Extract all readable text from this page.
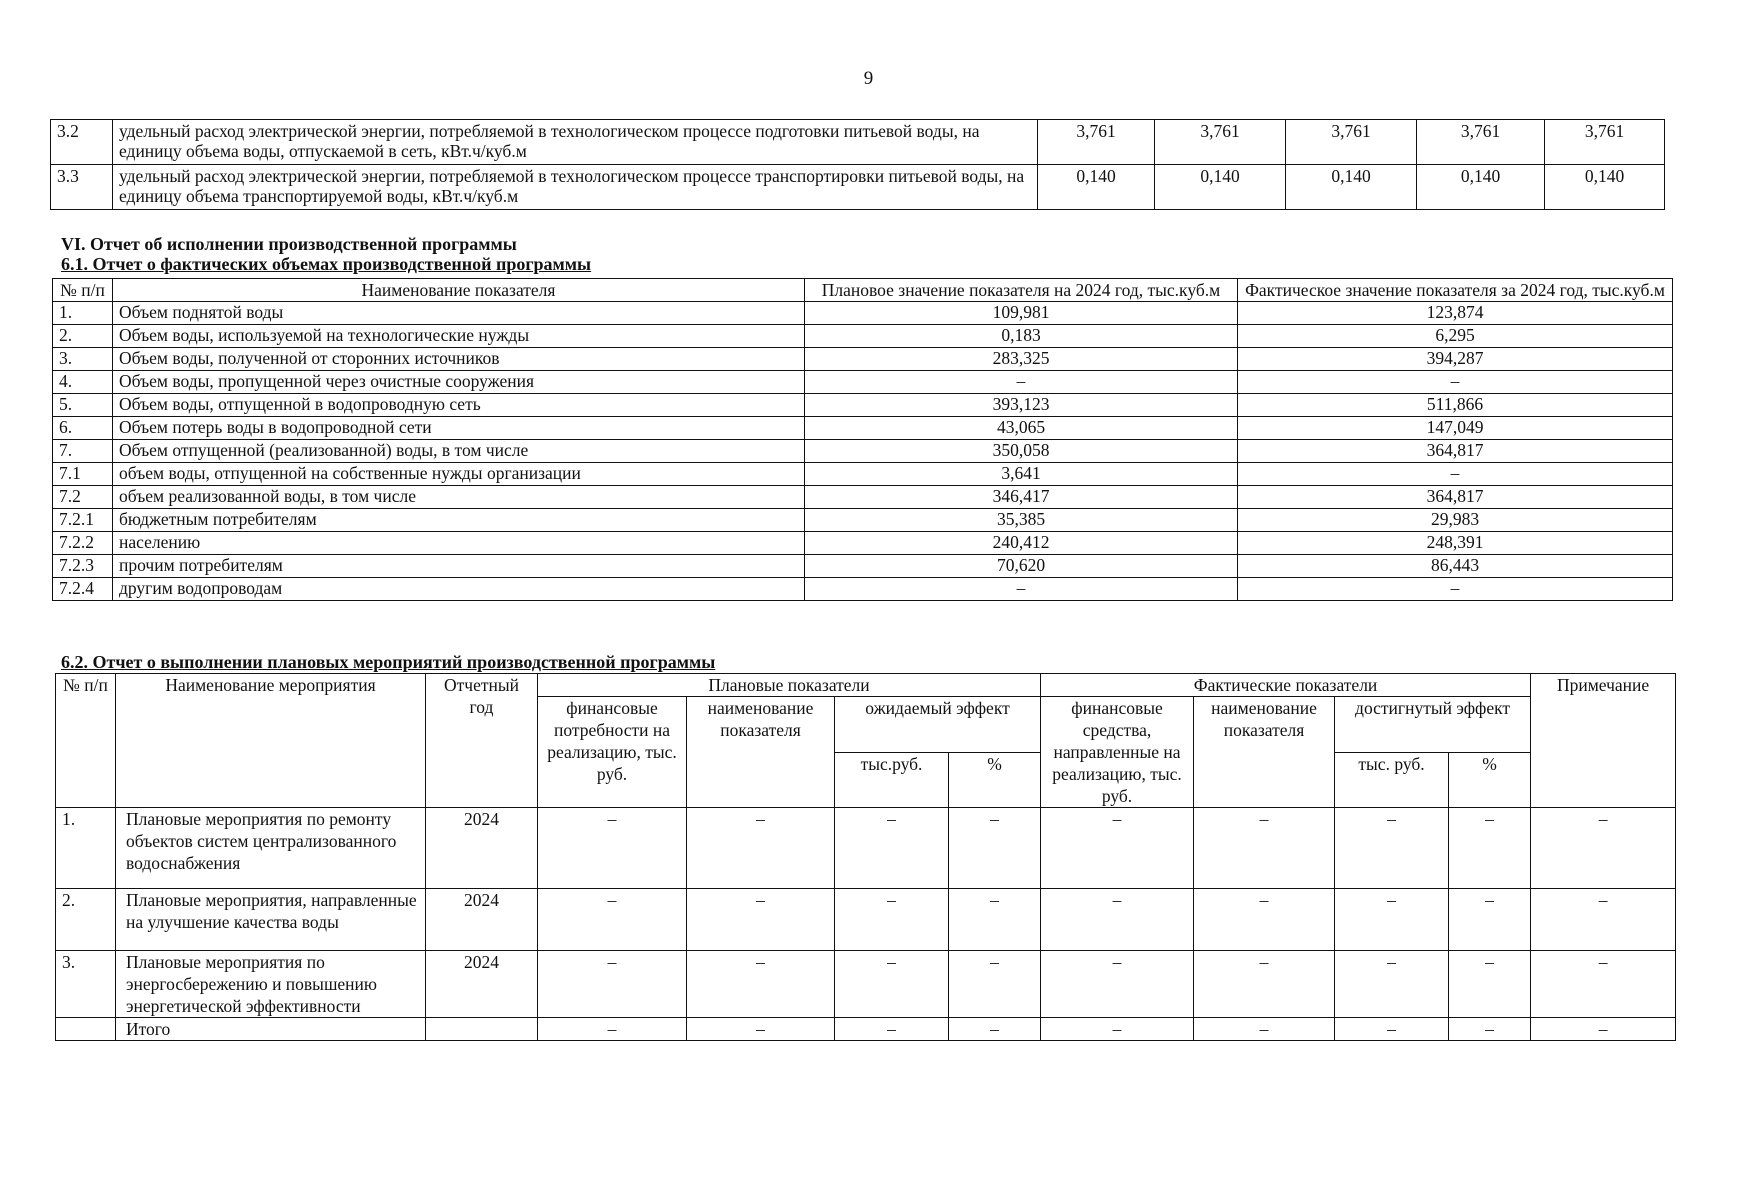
9
3.2	удельный расход электрической энергии, потребляемой в технологическом процессе подготовки питьевой воды, на единицу объема воды, отпускаемой в сеть, кВт.ч/куб.м	3,761	3,761	3,761	3,761	3,761
3.3	удельный расход электрической энергии, потребляемой в технологическом процессе транспортировки питьевой воды, на единицу объема транспортируемой воды, кВт.ч/куб.м	0,140	0,140	0,140	0,140	0,140
VI. Отчет об исполнении производственной программы
6.1. Отчет о фактических объемах производственной программы
№ п/п	Наименование показателя	Плановое значение показателя на 2024 год, тыс.куб.м	Фактическое значение показателя за 2024 год, тыс.куб.м
1.	Объем поднятой воды	109,981	123,874
2.	Объем воды, используемой на технологические нужды	0,183	6,295
3.	Объем воды, полученной от сторонних источников	283,325	394,287
4.	Объем воды, пропущенной через очистные сооружения	–	–
5.	Объем воды, отпущенной в водопроводную сеть	393,123	511,866
6.	Объем потерь воды в водопроводной сети	43,065	147,049
7.	Объем отпущенной (реализованной) воды, в том числе	350,058	364,817
7.1	объем воды, отпущенной на собственные нужды организации	3,641	–
7.2	объем реализованной воды, в том числе	346,417	364,817
7.2.1	бюджетным потребителям	35,385	29,983
7.2.2	населению	240,412	248,391
7.2.3	прочим потребителям	70,620	86,443
7.2.4	другим водопроводам	–	–
6.2. Отчет о выполнении плановых мероприятий производственной программы
№ п/п	Наименование мероприятия	Отчетный год	Плановые показатели				Фактические показатели				Примечание
			финансовые потребности на реализацию, тыс. руб.	наименование показателя	ожидаемый эффект		финансовые средства, направленные на реализацию, тыс. руб.	наименование показателя	достигнутый эффект		
					тыс.руб.	%			тыс. руб.	%	
1.	Плановые мероприятия по ремонту объектов систем централизованного водоснабжения	2024	–	–	–	–	–	–	–	–	–
2.	Плановые мероприятия, направленные на улучшение качества воды	2024	–	–	–	–	–	–	–	–	–
3.	Плановые мероприятия по энергосбережению и повышению энергетической эффективности	2024	–	–	–	–	–	–	–	–	–
	Итого		–	–	–	–	–	–	–	–	–
